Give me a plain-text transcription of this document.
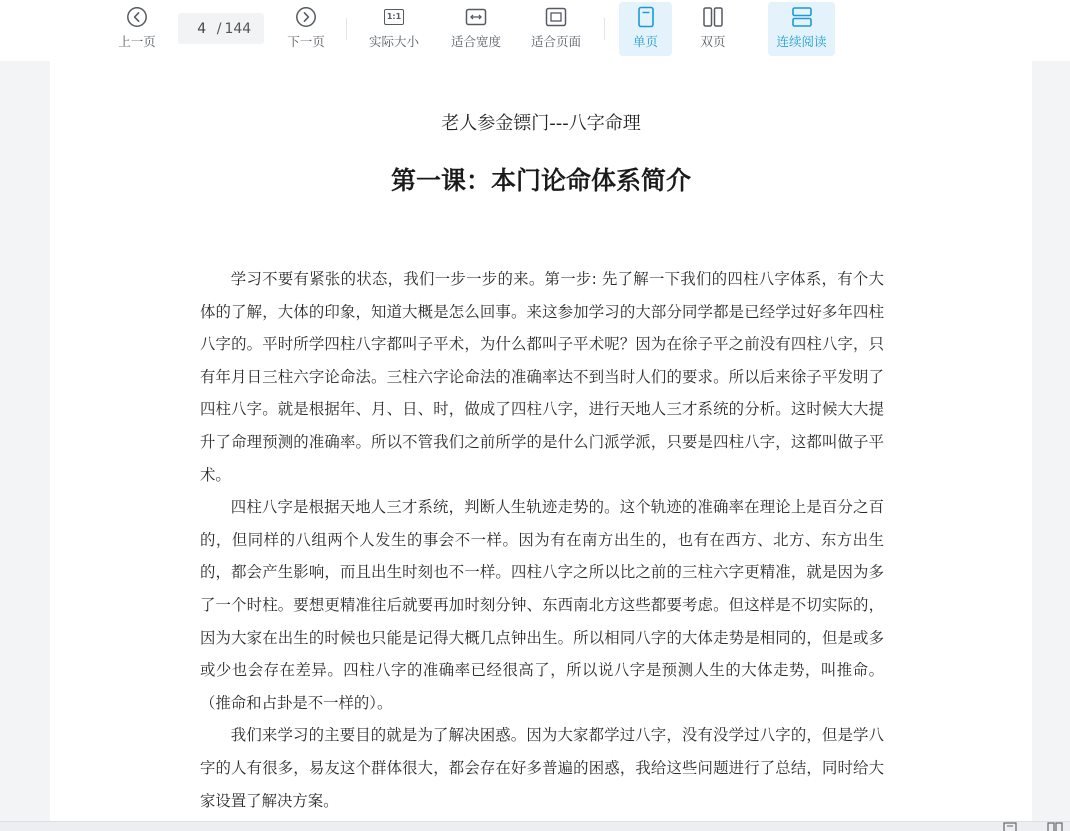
上一页
4 / 144
下一页
1:1
实际大小	适合宽度 适合页面	单页	双页	连续阅读
老人参金镖门---八字命理
第一课：本门论命体系简介

学习不要有紧张的状态，我们一步一步的来。第一步: 先了解一下我们的四柱八字体系，有个大体的了解，大体的印象，知道大概是怎么回事。来这参加学习的大部分同学都是已经学过好多年四柱八字的。平时所学四柱八字都叫子平术，为什么都叫子平术呢？因为在徐子平之前没有四柱八字，只有年月日三柱六字论命法。三柱六字论命法的准确率达不到当时人们的要求。所以后来徐子平发明了四柱八字。就是根据年、月、日、时，做成了四柱八字，进行天地人三才系统的分析。这时候大大提升了命理预测的准确率。所以不管我们之前所学的是什么门派学派，只要是四柱八字，这都叫做子平术。

四柱八字是根据天地人三才系统，判断人生轨迹走势的。这个轨迹的准确率在理论上是百分之百的，但同样的八组两个人发生的事会不一样。因为有在南方出生的，也有在西方、北方、东方出生的，都会产生影响，而且出生时刻也不一样。四柱八字之所以比之前的三柱六字更精准，就是因为多了一个时柱。要想更精准往后就要再加时刻分钟、东西南北方这些都要考虑。但这样是不切实际的，因为大家在出生的时候也只能是记得大概几点钟出生。所以相同八字的大体走势是相同的，但是或多或少也会存在差异。四柱八字的准确率已经很高了，所以说八字是预测人生的大体走势，叫推命。（推命和占卦是不一样的）。

我们来学习的主要目的就是为了解决困惑。因为大家都学过八字，没有没学过八字的，但是学八字的人有很多，易友这个群体很大，都会存在好多普遍的困惑，我给这些问题进行了总结，同时给大家设置了解决方案。
